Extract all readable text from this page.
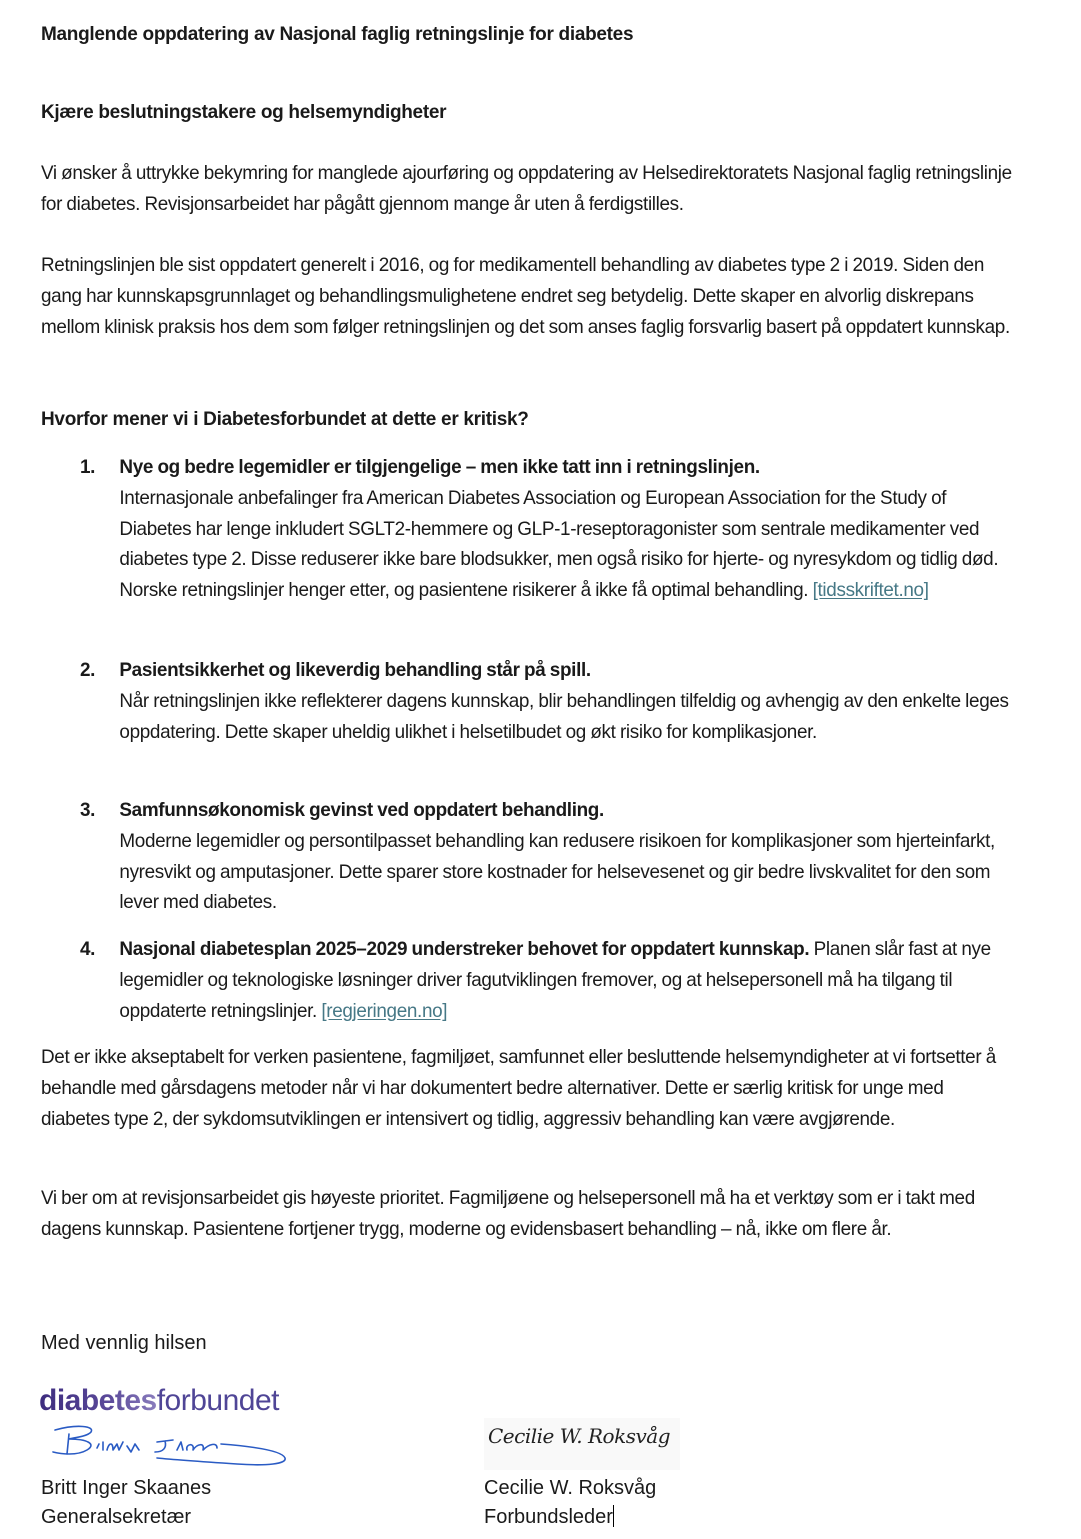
Manglende oppdatering av Nasjonal faglig retningslinje for diabetes
Kjære beslutningstakere og helsemyndigheter

Vi ønsker å uttrykke bekymring for manglede ajourføring og oppdatering av Helsedirektoratets Nasjonal faglig retningslinje for diabetes. Revisjonsarbeidet har pågått gjennom mange år uten å ferdigstilles.

Retningslinjen ble sist oppdatert generelt i 2016, og for medikamentell behandling av diabetes type 2 i 2019. Siden den gang har kunnskapsgrunnlaget og behandlingsmulighetene endret seg betydelig. Dette skaper en alvorlig diskrepans mellom klinisk praksis hos dem som følger retningslinjen og det som anses faglig forsvarlig basert på oppdatert kunnskap.

Hvorfor mener vi i Diabetesforbundet at dette er kritisk?
1.	Nye og bedre legemidler er tilgjengelige – men ikke tatt inn i retningslinjen.
Internasjonale anbefalinger fra American Diabetes Association og European Association for the Study of Diabetes har lenge inkludert SGLT2-hemmere og GLP-1-reseptoragonister som sentrale medikamenter ved diabetes type 2. Disse reduserer ikke bare blodsukker, men også risiko for hjerte- og nyresykdom og tidlig død. Norske retningslinjer henger etter, og pasientene risikerer å ikke få optimal behandling. [tidsskriftet.no]
2.	Pasientsikkerhet og likeverdig behandling står på spill.
Når retningslinjen ikke reflekterer dagens kunnskap, blir behandlingen tilfeldig og avhengig av den enkelte leges oppdatering. Dette skaper uheldig ulikhet i helsetilbudet og økt risiko for komplikasjoner.
3.	Samfunnsøkonomisk gevinst ved oppdatert behandling.
Moderne legemidler og persontilpasset behandling kan redusere risikoen for komplikasjoner som hjerteinfarkt, nyresvikt og amputasjoner. Dette sparer store kostnader for helsevesenet og gir bedre livskvalitet for den som lever med diabetes.
4.	Nasjonal diabetesplan 2025–2029 understreker behovet for oppdatert kunnskap. Planen slår fast at nye legemidler og teknologiske løsninger driver fagutviklingen fremover, og at helsepersonell må ha tilgang til oppdaterte retningslinjer. [regjeringen.no]

Det er ikke akseptabelt for verken pasientene, fagmiljøet, samfunnet eller besluttende helsemyndigheter at vi fortsetter å behandle med gårsdagens metoder når vi har dokumentert bedre alternativer. Dette er særlig kritisk for unge med diabetes type 2, der sykdomsutviklingen er intensivert og tidlig, aggressiv behandling kan være avgjørende.

Vi ber om at revisjonsarbeidet gis høyeste prioritet. Fagmiljøene og helsepersonell må ha et verktøy som er i takt med dagens kunnskap. Pasientene fortjener trygg, moderne og evidensbasert behandling – nå, ikke om flere år.

Med vennlig hilsen
diabetesforbundet
Cecilie W. Roksvåg
Britt Inger Skaanes
Generalsekretær
Cecilie W. Roksvåg
Forbundsleder
